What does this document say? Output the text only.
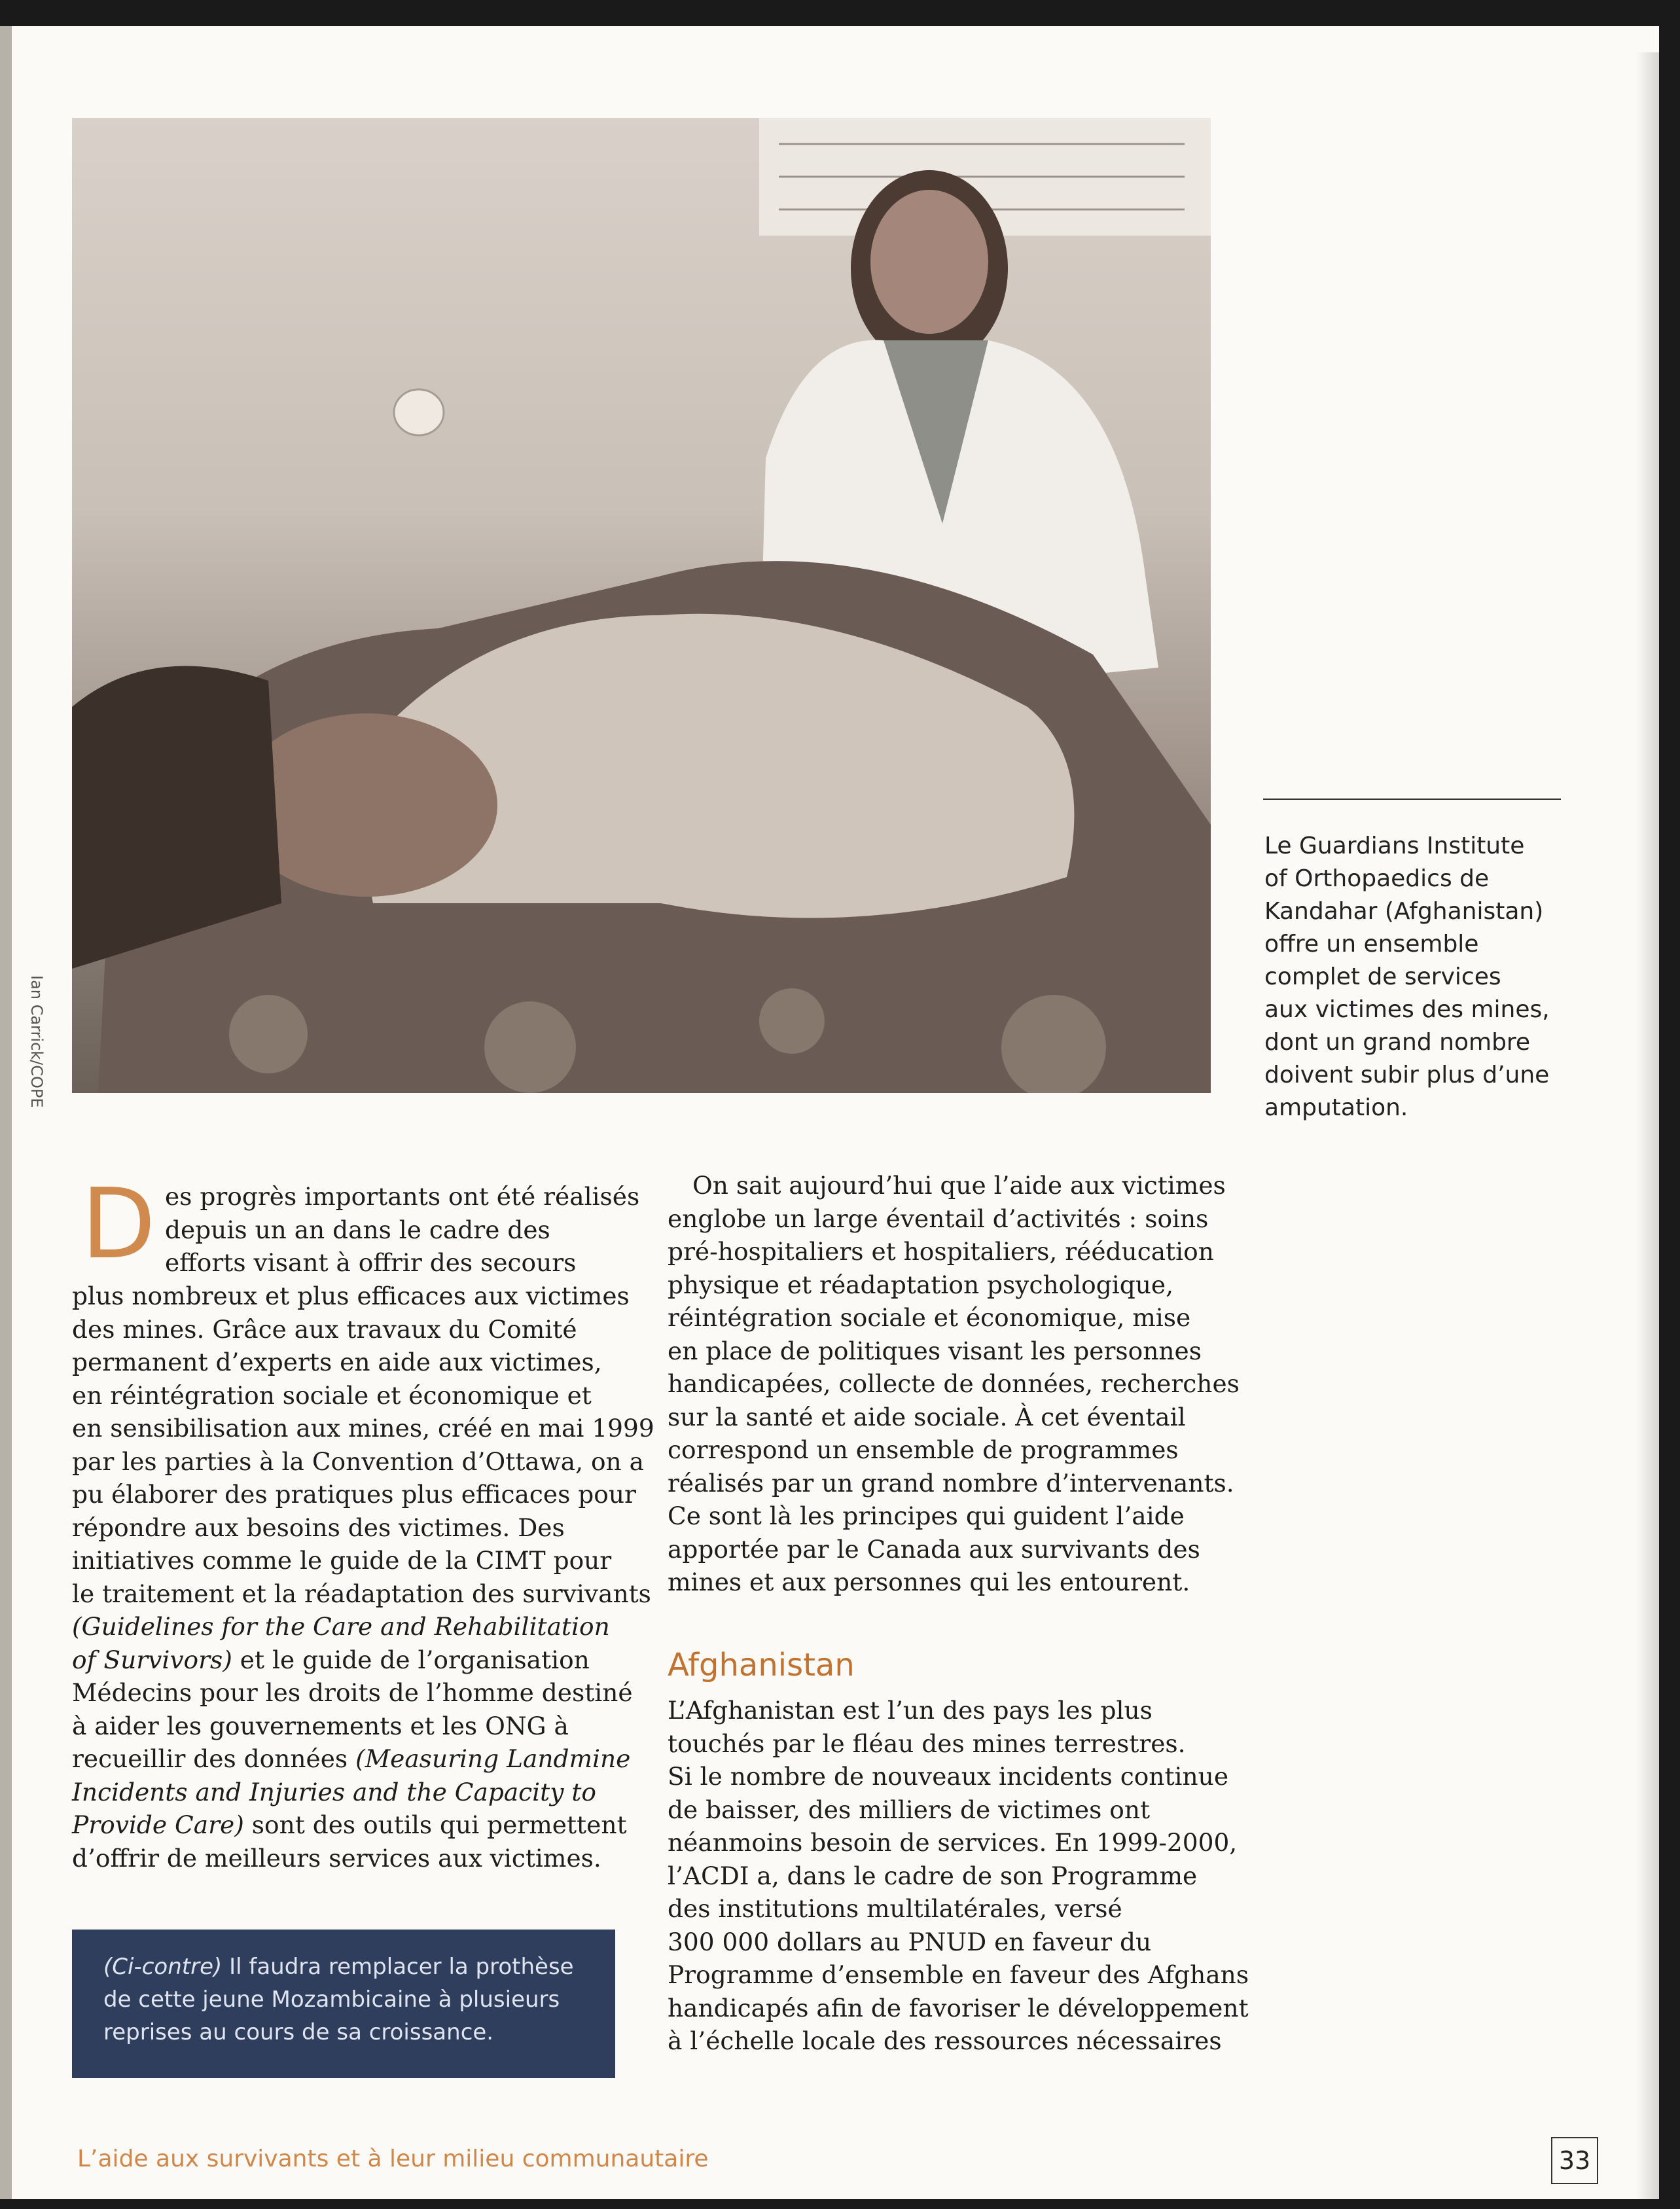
Le Guardians Institute
of Orthopaedics de
Kandahar (Afghanistan)
offre un ensemble
complet de services
aux victimes des mines,
dont un grand nombre
doivent subir plus d’une
amputation.
D es progrès importants ont été réalisés
depuis un an dans le cadre des
efforts visant à offrir des secours
plus nombreux et plus efficaces aux victimes
des mines. Grâce aux travaux du Comité
permanent d’experts en aide aux victimes,
en réintégration sociale et économique et
en sensibilisation aux mines, créé en mai 1999
par les parties à la Convention d’Ottawa, on a
pu élaborer des pratiques plus efficaces pour
répondre aux besoins des victimes. Des
initiatives comme le guide de la CIMT pour
le traitement et la réadaptation des survivants
(Guidelines for the Care and Rehabilitation
of Survivors) et le guide de l’organisation
Médecins pour les droits de l’homme destiné
à aider les gouvernements et les ONG à
recueillir des données (Measuring Landmine
Incidents and Injuries and the Capacity to
Provide Care) sont des outils qui permettent
d’offrir de meilleurs services aux victimes.
On sait aujourd’hui que l’aide aux victimes
englobe un large éventail d’activités : soins
pré-hospitaliers et hospitaliers, rééducation
physique et réadaptation psychologique,
réintégration sociale et économique, mise
en place de politiques visant les personnes
handicapées, collecte de données, recherches
sur la santé et aide sociale. À cet éventail
correspond un ensemble de programmes
réalisés par un grand nombre d’intervenants.
Ce sont là les principes qui guident l’aide
apportée par le Canada aux survivants des
mines et aux personnes qui les entourent.
Afghanistan
L’Afghanistan est l’un des pays les plus
touchés par le fléau des mines terrestres.
Si le nombre de nouveaux incidents continue
de baisser, des milliers de victimes ont
néanmoins besoin de services. En 1999-2000,
l’ACDI a, dans le cadre de son Programme
des institutions multilatérales, versé
300 000 dollars au PNUD en faveur du
Programme d’ensemble en faveur des Afghans
handicapés afin de favoriser le développement
à l’échelle locale des ressources nécessaires
(Ci-contre) Il faudra remplacer la prothèse de cette jeune Mozambicaine à plusieurs reprises au cours de sa croissance.
L’aide aux survivants et à leur milieu communautaire	33
Ian Carrick/COPE
